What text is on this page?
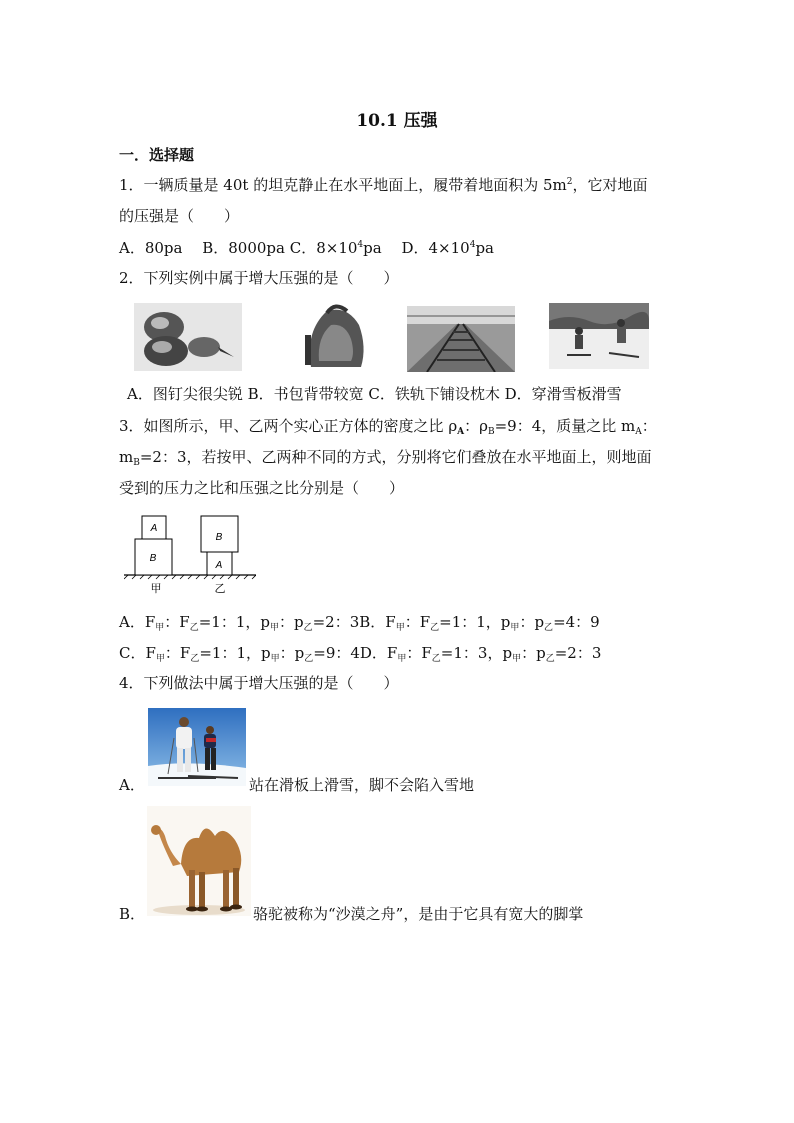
10.1 压强
一．选择题
1．一辆质量是 40t 的坦克静止在水平地面上，履带着地面积为 $5m^2$，它对地面
的压强是（　　）
A．80pa　 B．8000pa C．$8\times 10^4pa$　 D．$4\times 10^4pa$
2．下列实例中属于增大压强的是（　　）
A．图钉尖很尖锐 B．书包背带较宽 C．铁轨下铺设枕木 D．穿滑雪板滑雪
3．如图所示，甲、乙两个实心正方体的密度之比 $\rho_A$：$\rho_B=9$：4，质量之比 $m_A$：
$m_B=2$：3，若按甲、乙两种不同的方式，分别将它们叠放在水平地面上，则地面
受到的压力之比和压强之比分别是（　　）
A
B
B
A
甲	乙
A．$F_甲$：$F_乙=1$：1，$p_甲$：$p_乙=2$：3B．$F_甲$：$F_乙=1$：1，$p_甲$：$p_乙=4$：9
C．$F_甲$：$F_乙=1$：1，$p_甲$：$p_乙=9$：4D．$F_甲$：$F_乙=1$：3，$p_甲$：$p_乙=2$：3
4．下列做法中属于增大压强的是（　　）
A．	站在滑板上滑雪，脚不会陷入雪地
B．	骆驼被称为“沙漠之舟”，是由于它具有宽大的脚掌
